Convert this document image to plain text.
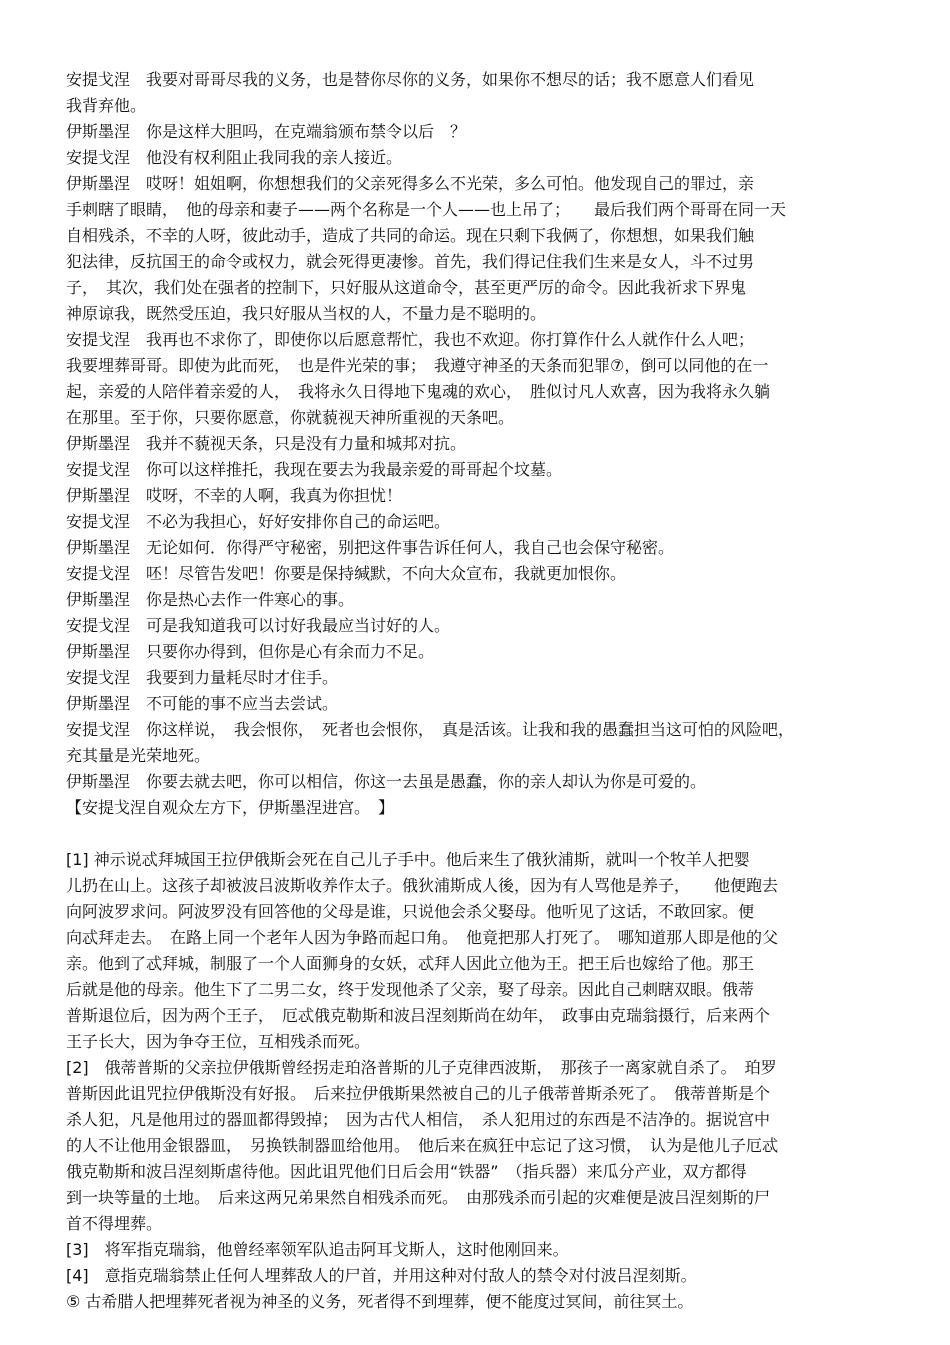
安提戈涅　我要对哥哥尽我的义务，也是替你尽你的义务，如果你不想尽的话；我不愿意人们看见
我背弃他。
伊斯墨涅　你是这样大胆吗，在克端翁颁布禁令以后　？
安提戈涅　他没有权利阻止我同我的亲人接近。
伊斯墨涅　哎呀！姐姐啊，你想想我们的父亲死得多么不光荣，多么可怕。他发现自己的罪过，亲
手刺瞎了眼睛，　他的母亲和妻子——两个名称是一个人——也上吊了；　　最后我们两个哥哥在同一天
自相残杀，不幸的人呀，彼此动手，造成了共同的命运。现在只剩下我俩了，你想想，如果我们触
犯法律，反抗国王的命令或权力，就会死得更凄惨。首先，我们得记住我们生来是女人，斗不过男
子，　其次，我们处在强者的控制下，只好服从这道命令，甚至更严厉的命令。因此我祈求下界鬼
神原谅我，既然受压迫，我只好服从当权的人，不量力是不聪明的。
安提戈涅　我再也不求你了，即使你以后愿意帮忙，我也不欢迎。你打算作什么人就作什么人吧；
我要埋葬哥哥。即使为此而死，　也是件光荣的事；　我遵守神圣的天条而犯罪⑦，倒可以同他的在一
起，亲爱的人陪伴着亲爱的人，　我将永久日得地下鬼魂的欢心，　胜似讨凡人欢喜，因为我将永久躺
在那里。至于你，只要你愿意，你就藐视天神所重视的天条吧。
伊斯墨涅　我并不藐视天条，只是没有力量和城邦对抗。
安提戈涅　你可以这样推托，我现在要去为我最亲爱的哥哥起个坟墓。
伊斯墨涅　哎呀，不幸的人啊，我真为你担忧！
安提戈涅　不必为我担心，好好安排你自己的命运吧。
伊斯墨涅　无论如何．你得严守秘密，别把这件事告诉任何人，我自己也会保守秘密。
安提戈涅　呸！尽管告发吧！你要是保持缄默，不向大众宣布，我就更加恨你。
伊斯墨涅　你是热心去作一件寒心的事。
安提戈涅　可是我知道我可以讨好我最应当讨好的人。
伊斯墨涅　只要你办得到，但你是心有余而力不足。
安提戈涅　我要到力量耗尽时才住手。
伊斯墨涅　不可能的事不应当去尝试。
安提戈涅　你这样说，　我会恨你，　死者也会恨你，　真是活该。让我和我的愚蠢担当这可怕的风险吧，
充其量是光荣地死。
伊斯墨涅　你要去就去吧，你可以相信，你这一去虽是愚蠢，你的亲人却认为你是可爱的。
【安提戈涅自观众左方下，伊斯墨涅进宫。　】
[1] 神示说忒拜城国王拉伊俄斯会死在自己儿子手中。他后来生了俄狄浦斯，就叫一个牧羊人把婴
儿扔在山上。这孩子却被波吕波斯收养作太子。俄狄浦斯成人後，因为有人骂他是养子，　　他便跑去
向阿波罗求问。阿波罗没有回答他的父母是谁，只说他会杀父娶母。他听见了这话，不敢回家。便
向忒拜走去。　在路上同一个老年人因为争路而起口角。　他竟把那人打死了。　哪知道那人即是他的父
亲。他到了忒拜城，制服了一个人面狮身的女妖，忒拜人因此立他为王。把王后也嫁给了他。那王
后就是他的母亲。他生下了二男二女，终于发现他杀了父亲，娶了母亲。因此自己刺瞎双眼。俄蒂
普斯退位后，因为两个王子，　厄忒俄克勒斯和波吕涅刻斯尚在幼年，　政事由克瑞翁摄行，后来两个
王子长大，因为争夺王位，互相残杀而死。
[2]　俄蒂普斯的父亲拉伊俄斯曾经拐走珀洛普斯的儿子克律西波斯，　那孩子一离家就自杀了。　珀罗
普斯因此诅咒拉伊俄斯没有好报。　后来拉伊俄斯果然被自己的儿子俄蒂普斯杀死了。　俄蒂普斯是个
杀人犯，凡是他用过的器皿都得毁掉；　因为古代人相信，　杀人犯用过的东西是不洁净的。据说宫中
的人不让他用金银器皿，　另换铁制器皿给他用。　他后来在疯狂中忘记了这习惯，　认为是他儿子厄忒
俄克勒斯和波吕涅刻斯虐待他。因此诅咒他们日后会用“铁器”　（指兵器）来瓜分产业，双方都得
到一块等量的土地。　后来这两兄弟果然自相残杀而死。　由那残杀而引起的灾难便是波吕涅刻斯的尸
首不得埋葬。
[3]　将军指克瑞翁，他曾经率领军队追击阿耳戈斯人，这时他刚回来。
[4]　意指克瑞翁禁止任何人埋葬敌人的尸首，并用这种对付敌人的禁令对付波吕涅刻斯。
⑤ 古希腊人把埋葬死者视为神圣的义务，死者得不到埋葬，便不能度过冥间，前往冥土。
